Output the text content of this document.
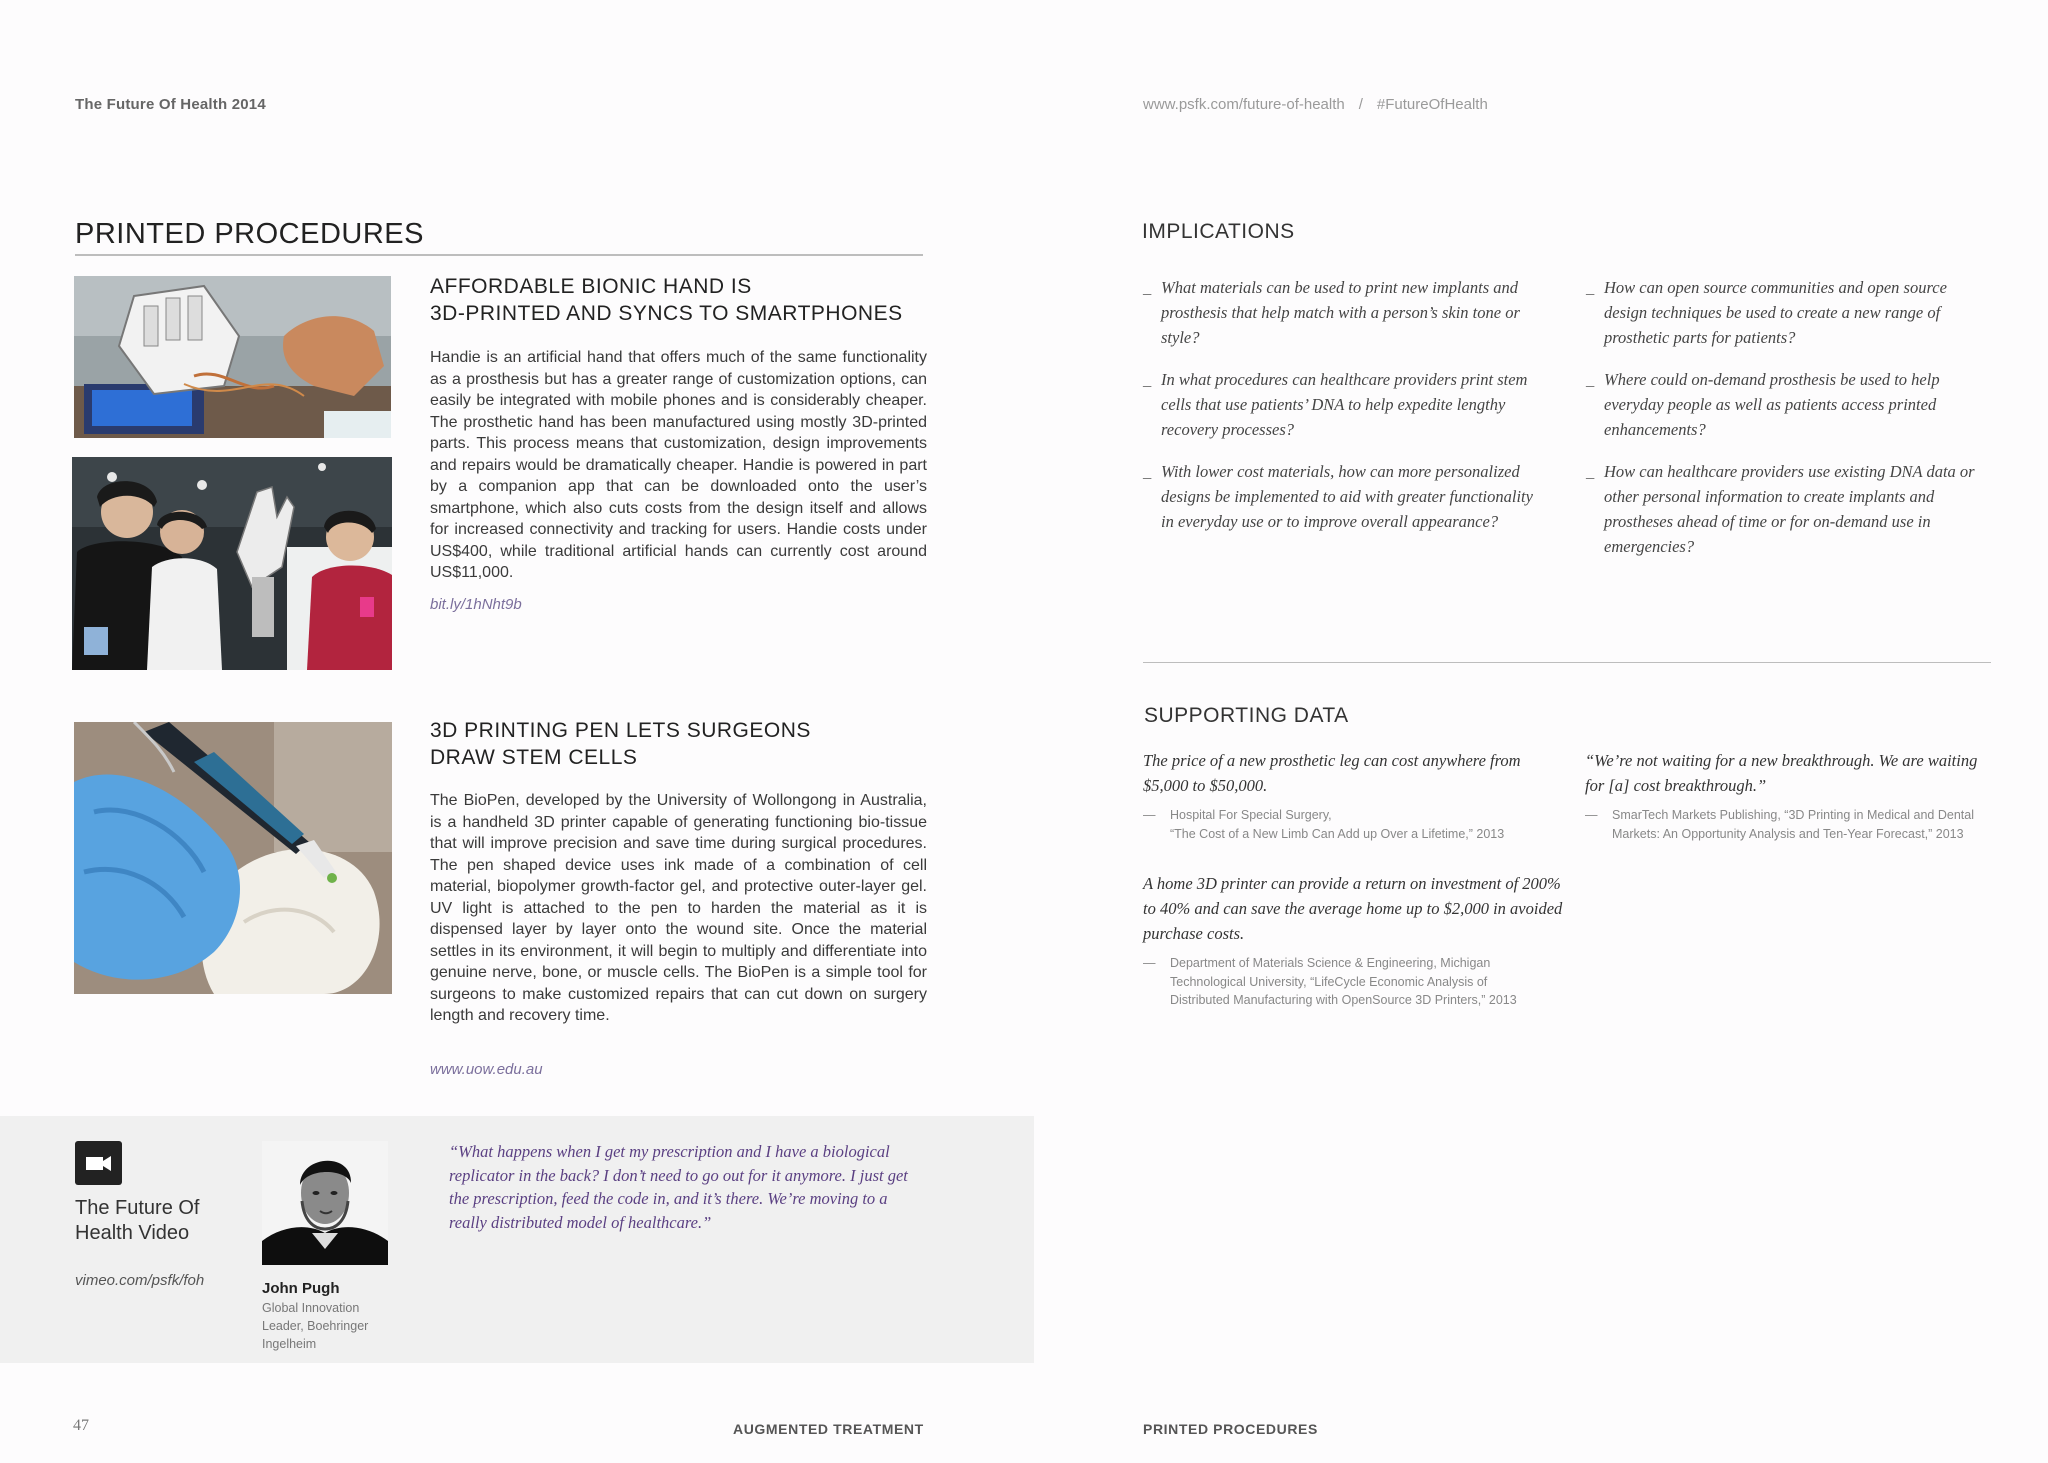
The Future Of Health 2014	www.psfk.com/future-of-health / #FutureOfHealth
PRINTED PROCEDURES
AFFORDABLE BIONIC HAND IS
3D-PRINTED AND SYNCS TO SMARTPHONES
Handie is an artificial hand that offers much of the same functionality as a prosthesis but has a greater range of customization options, can easily be integrated with mobile phones and is considerably cheaper. The prosthetic hand has been manufactured using mostly 3D-printed parts. This process means that customization, design improvements and repairs would be dramatically cheaper. Handie is powered in part by a companion app that can be downloaded onto the user’s smartphone, which also cuts costs from the design itself and allows for increased connectivity and tracking for users. Handie costs under US$400, while traditional artificial hands can currently cost around US$11,000.
bit.ly/1hNht9b
3D PRINTING PEN LETS SURGEONS
DRAW STEM CELLS
The BioPen, developed by the University of Wollongong in Australia, is a handheld 3D printer capable of generating functioning bio-tissue that will improve precision and save time during surgical procedures. The pen shaped device uses ink made of a combination of cell material, biopolymer growth-factor gel, and protective outer-layer gel. UV light is attached to the pen to harden the material as it is dispensed layer by layer onto the wound site. Once the material settles in its environment, it will begin to multiply and differentiate into genuine nerve, bone, or muscle cells. The BioPen is a simple tool for surgeons to make customized repairs that can cut down on surgery length and recovery time.
www.uow.edu.au
The Future Of Health Video
vimeo.com/psfk/foh	John Pugh
Global Innovation Leader, Boehringer Ingelheim
“What happens when I get my prescription and I have a biological replicator in the back? I don’t need to go out for it anymore. I just get the prescription, feed the code in, and it’s there. We’re moving to a really distributed model of healthcare.”
IMPLICATIONS
_ What materials can be used to print new implants and prosthesis that help match with a person’s skin tone or style?
_ In what procedures can healthcare providers print stem cells that use patients’ DNA to help expedite lengthy recovery processes?
_ With lower cost materials, how can more personalized designs be implemented to aid with greater functionality in everyday use or to improve overall appearance?
_ How can open source communities and open source design techniques be used to create a new range of prosthetic parts for patients?
_ Where could on-demand prosthesis be used to help everyday people as well as patients access printed enhancements?
_ How can healthcare providers use existing DNA data or other personal information to create implants and prostheses ahead of time or for on-demand use in emergencies?
SUPPORTING DATA
The price of a new prosthetic leg can cost anywhere from $5,000 to $50,000.
— Hospital For Special Surgery,
“The Cost of a New Limb Can Add up Over a Lifetime,” 2013
A home 3D printer can provide a return on investment of 200% to 40% and can save the average home up to $2,000 in avoided purchase costs.
— Department of Materials Science & Engineering, Michigan Technological University, “LifeCycle Economic Analysis of Distributed Manufacturing with OpenSource 3D Printers,” 2013
“We’re not waiting for a new breakthrough. We are waiting for [a] cost breakthrough.”
— SmarTech Markets Publishing, “3D Printing in Medical and Dental Markets: An Opportunity Analysis and Ten-Year Forecast,” 2013
47	AUGMENTED TREATMENT	PRINTED PROCEDURES
